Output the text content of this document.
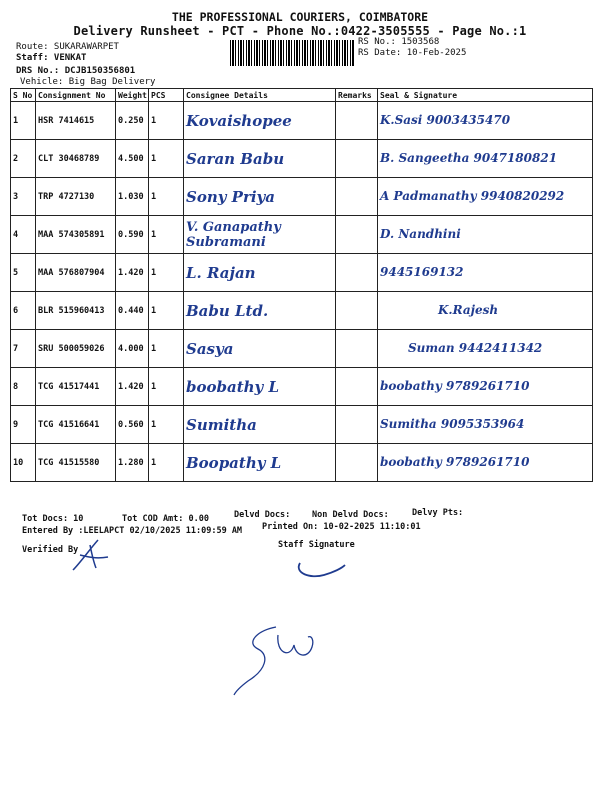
THE PROFESSIONAL COURIERS, COIMBATORE
Delivery Runsheet - PCT - Phone No.:0422-3505555 - Page No.:1
Route: SUKARAWARPET
Staff: VENKAT
DRS No.: DCJB150356801
Vehicle: Big Bag Delivery
RS No.: 1503568
RS Date: 10-Feb-2025
S No	Consignment No	Weight	PCS	Consignee Details	Remarks	Seal & Signature
1	HSR 7414615	0.250	1	Kovaishopee		K.Sasi 9003435470
2	CLT 30468789	4.500	1	Saran Babu		B. Sangeetha 9047180821
3	TRP 4727130	1.030	1	Sony Priya		A Padmanathy 9940820292
4	MAA 574305891	0.590	1	V. Ganapathy Subramani		D. Nandhini
5	MAA 576807904	1.420	1	L. Rajan		9445169132
6	BLR 515960413	0.440	1	Babu Ltd.		K.Rajesh
7	SRU 500059026	4.000	1	Sasya		Suman 9442411342
8	TCG 41517441	1.420	1	boobathy L		boobathy 9789261710
9	TCG 41516641	0.560	1	Sumitha		Sumitha 9095353964
10	TCG 41515580	1.280	1	Boopathy L		boobathy 9789261710
Tot Docs: 10	Tot COD Amt: 0.00	Delvd Docs:	Non Delvd Docs:	Delvy Pts:
Entered By :LEELAPCT 02/10/2025 11:09:59 AM Printed On: 10-02-2025 11:10:01
Verified By	Staff Signature
